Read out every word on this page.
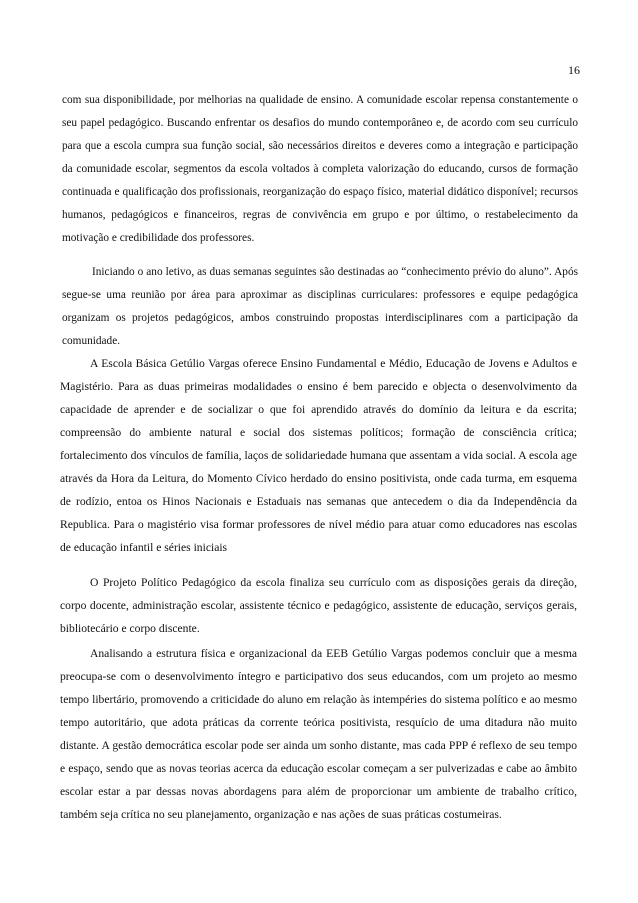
16

com sua disponibilidade, por melhorias na qualidade de ensino. A comunidade escolar repensa constantemente o seu papel pedagógico. Buscando enfrentar os desafios do mundo contemporâneo e, de acordo com seu currículo para que a escola cumpra sua função social, são necessários direitos e deveres como a integração e participação da comunidade escolar, segmentos da escola voltados à completa valorização do educando, cursos de formação continuada e qualificação dos profissionais, reorganização do espaço físico, material didático disponível; recursos humanos, pedagógicos e financeiros, regras de convivência em grupo e por último, o restabelecimento da motivação e credibilidade dos professores.

Iniciando o ano letivo, as duas semanas seguintes são destinadas ao “conhecimento prévio do aluno”. Após segue-se uma reunião por área para aproximar as disciplinas curriculares: professores e equipe pedagógica organizam os projetos pedagógicos, ambos construindo propostas interdisciplinares com a participação da comunidade.

A Escola Básica Getúlio Vargas oferece Ensino Fundamental e Médio, Educação de Jovens e Adultos e Magistério. Para as duas primeiras modalidades o ensino é bem parecido e objecta o desenvolvimento da capacidade de aprender e de socializar o que foi aprendido através do domínio da leitura e da escrita; compreensão do ambiente natural e social dos sistemas políticos; formação de consciência crítica; fortalecimento dos vínculos de família, laços de solidariedade humana que assentam a vida social. A escola age através da Hora da Leitura, do Momento Cívico herdado do ensino positivista, onde cada turma, em esquema de rodízio, entoa os Hinos Nacionais e Estaduais nas semanas que antecedem o dia da Independência da Republica. Para o magistério visa formar professores de nível médio para atuar como educadores nas escolas de educação infantil e séries iniciais

O Projeto Político Pedagógico da escola finaliza seu currículo com as disposições gerais da direção, corpo docente, administração escolar, assistente técnico e pedagógico, assistente de educação, serviços gerais, bibliotecário e corpo discente.

Analisando a estrutura física e organizacional da EEB Getúlio Vargas podemos concluir que a mesma preocupa-se com o desenvolvimento íntegro e participativo dos seus educandos, com um projeto ao mesmo tempo libertário, promovendo a criticidade do aluno em relação às intempéries do sistema político e ao mesmo tempo autoritário, que adota práticas da corrente teórica positivista, resquício de uma ditadura não muito distante. A gestão democrática escolar pode ser ainda um sonho distante, mas cada PPP é reflexo de seu tempo e espaço, sendo que as novas teorias acerca da educação escolar começam a ser pulverizadas e cabe ao âmbito escolar estar a par dessas novas abordagens para além de proporcionar um ambiente de trabalho crítico, também seja crítica no seu planejamento, organização e nas ações de suas práticas costumeiras.
